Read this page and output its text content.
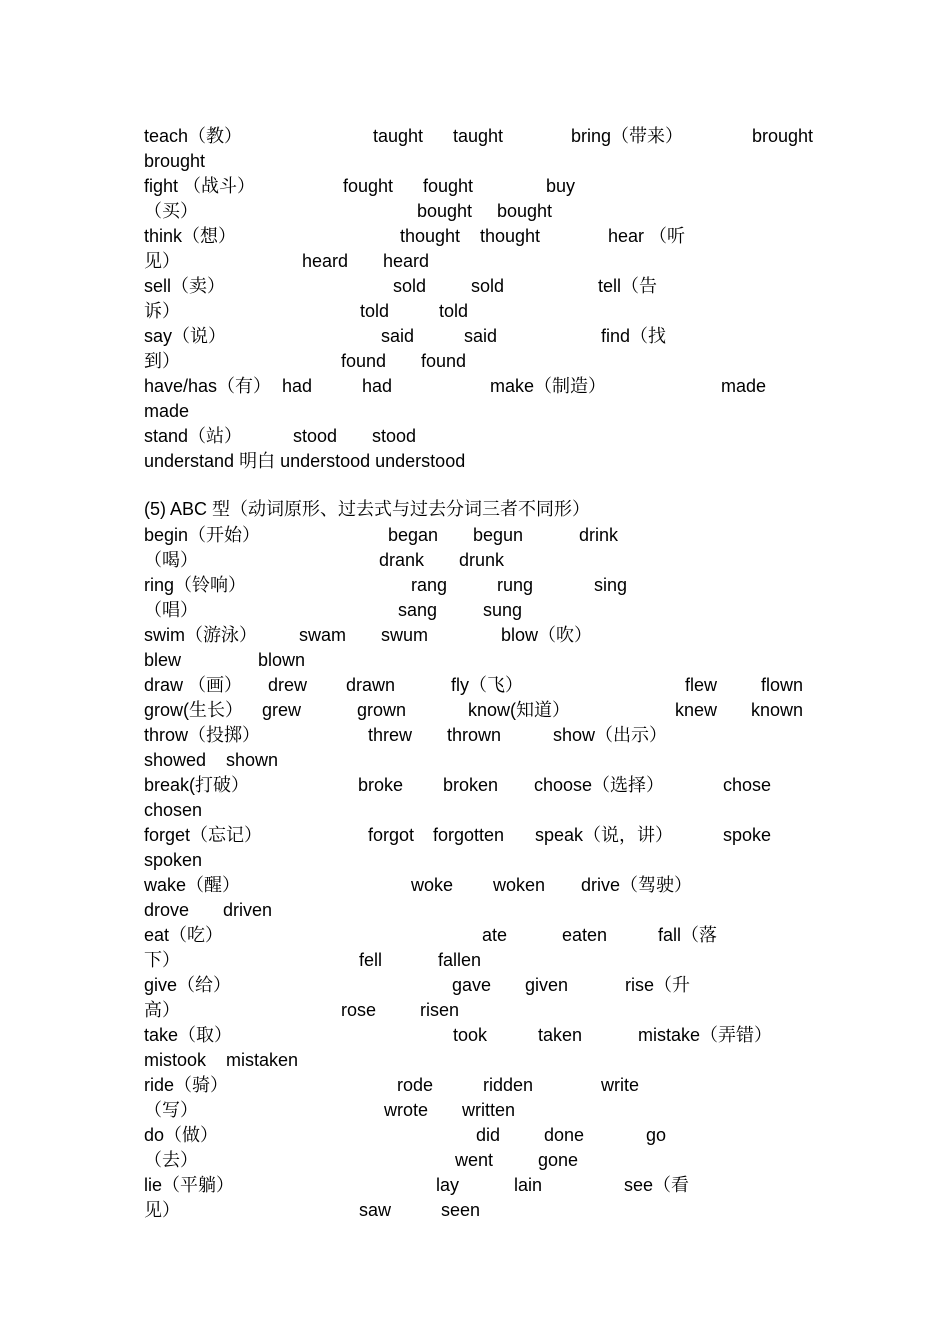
(5) ABC 型（动词原形、过去式与过去分词三者不同形）
teach（教）	taught taught	bring（带来）	brought
brought
fight （战斗）	fought fought	buy
（买）	bought bought
think（想）	thought thought	hear （听
见）	heard heard
sell（卖）	sold sold	tell（告
诉）	told	told
say（说）	said	said	find（找
到）	found found
have/has（有） had	had	make（制造）	made
made
stand（站）	stood stood
understand 明白 understood understood
begin（开始）	began begun	drink
（喝）	drank drunk
ring（铃响）	rang	rung	sing
（唱）	sang	sung
swim（游泳） swam swum	blow（吹）
blew	blown
draw （画） drew drawn	fly（飞）	flew flown
grow(生长） grew	grown	know(知道）	knew known
throw（投掷）	threw thrown	show（出示）
showed shown
break(打破）	broke broken choose（选择）	chose
chosen
forget（忘记）	forgot forgotten speak（说，讲）	spoke
spoken
wake（醒）	woke woken drive（驾驶）
drove driven
eat（吃）	ate	eaten	fall（落
下）	fell	fallen
give（给）	gave given	rise（升
高）	rose risen
take（取）	took	taken	mistake（弄错）
mistook mistaken
ride（骑）	rode	ridden	write
（写）	wrote written
do（做）	did done	go
（去）	went gone
lie（平躺）	lay	lain	see（看
见）	saw	seen
